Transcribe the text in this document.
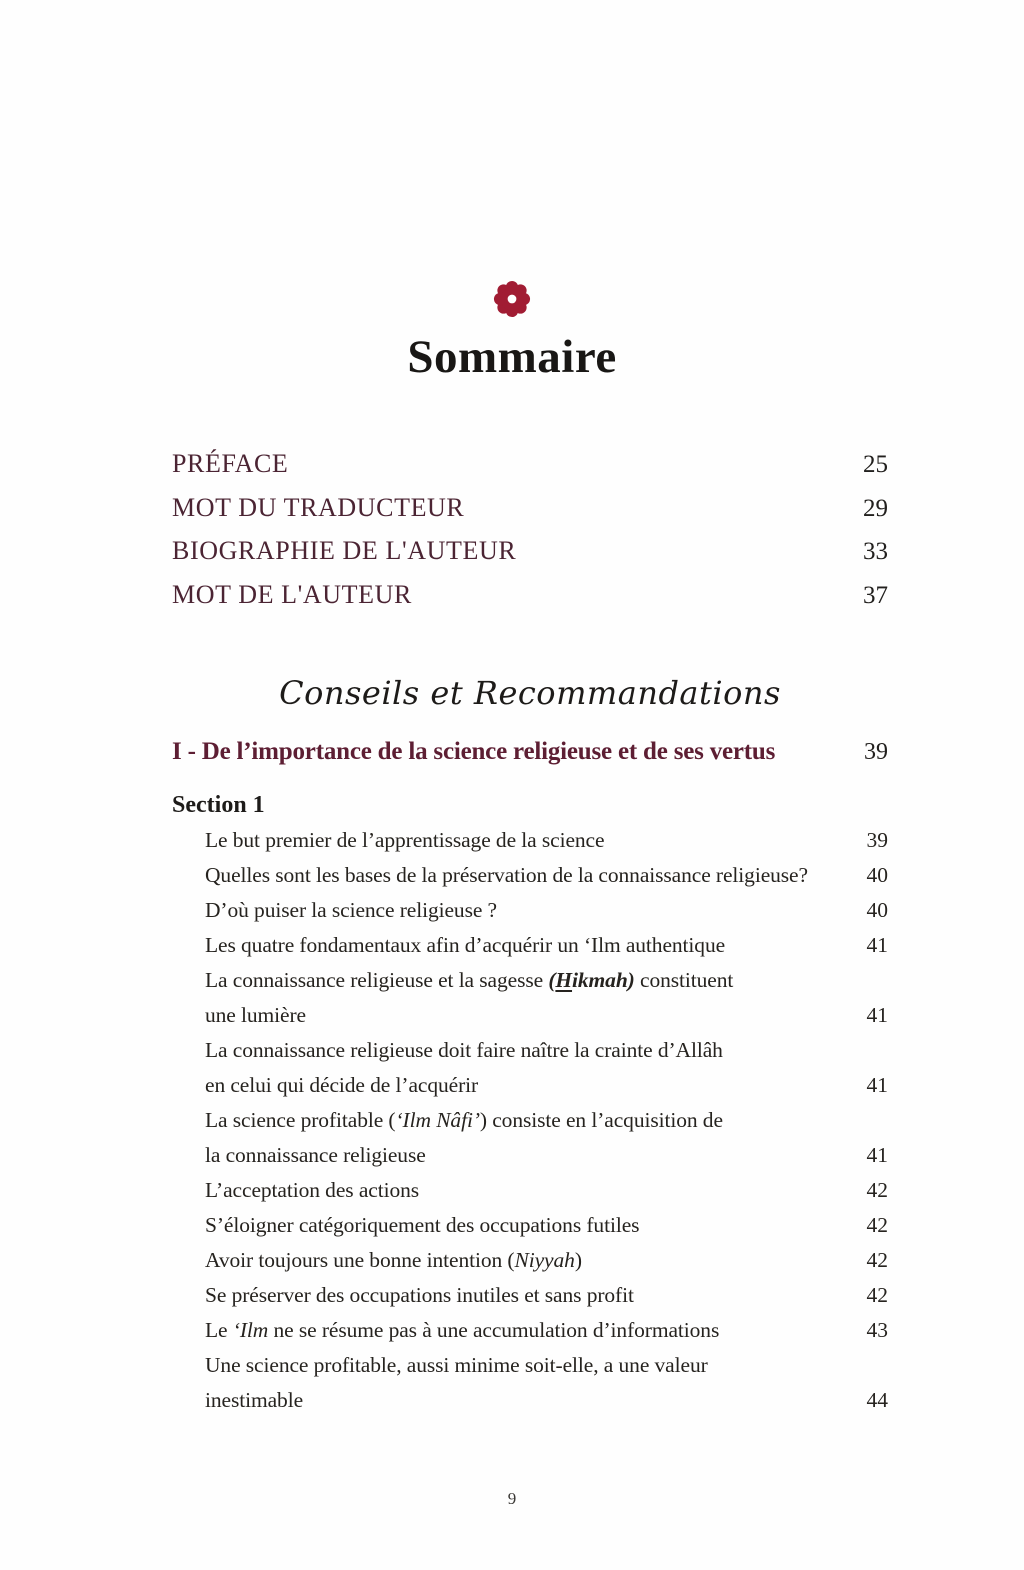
Sommaire
PRÉFACE	25
MOT DU TRADUCTEUR	29
BIOGRAPHIE DE L'AUTEUR	33
MOT DE L'AUTEUR	37
Conseils et Recommandations
I - De l’importance de la science religieuse et de ses vertus	39
Section 1
Le but premier de l’apprentissage de la science	39
Quelles sont les bases de la préservation de la connaissance religieuse?	40
D’où puiser la science religieuse ?	40
Les quatre fondamentaux afin d’acquérir un ‘Ilm authentique	41
La connaissance religieuse et la sagesse (Hikmah) constituent
une lumière	41
La connaissance religieuse doit faire naître la crainte d’Allâh
en celui qui décide de l’acquérir	41
La science profitable (‘Ilm Nâfi’) consiste en l’acquisition de
la connaissance religieuse	41
L’acceptation des actions	42
S’éloigner catégoriquement des occupations futiles	42
Avoir toujours une bonne intention (Niyyah)	42
Se préserver des occupations inutiles et sans profit	42
Le ‘Ilm ne se résume pas à une accumulation d’informations	43
Une science profitable, aussi minime soit-elle, a une valeur
inestimable	44
9
